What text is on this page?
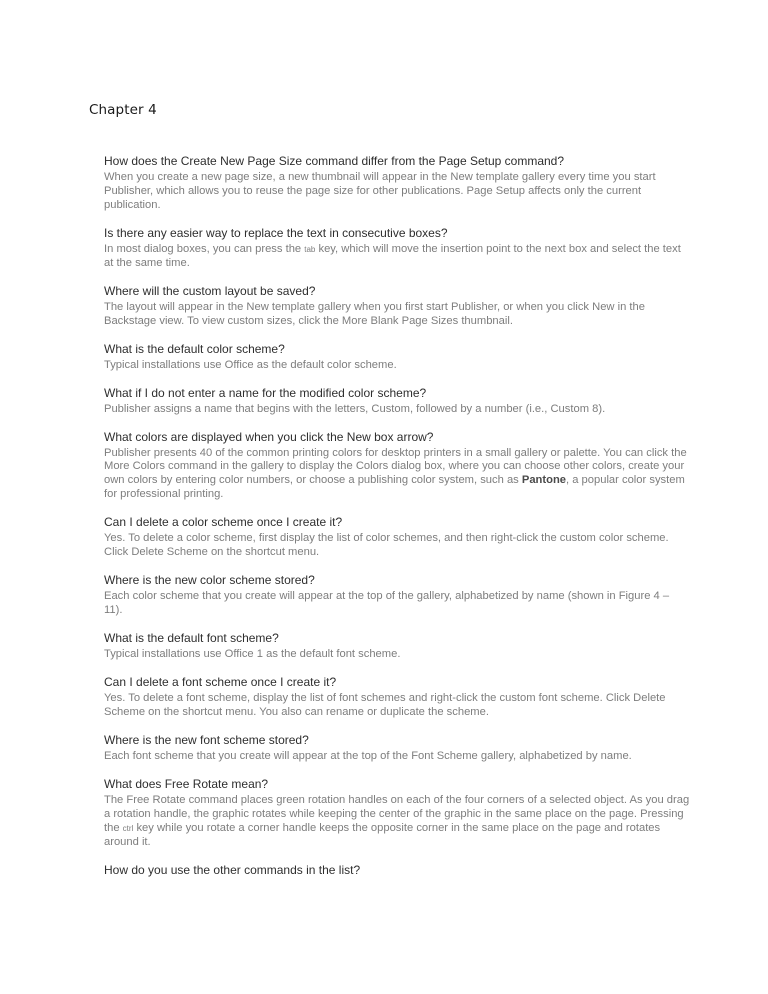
Chapter 4

How does the Create New Page Size command differ from the Page Setup command?

When you create a new page size, a new thumbnail will appear in the New template gallery every time you start Publisher, which allows you to reuse the page size for other publications. Page Setup affects only the current publication.

Is there any easier way to replace the text in consecutive boxes?

In most dialog boxes, you can press the tab key, which will move the insertion point to the next box and select the text at the same time.

Where will the custom layout be saved?

The layout will appear in the New template gallery when you first start Publisher, or when you click New in the Backstage view. To view custom sizes, click the More Blank Page Sizes thumbnail.

What is the default color scheme?

Typical installations use Office as the default color scheme.

What if I do not enter a name for the modified color scheme?

Publisher assigns a name that begins with the letters, Custom, followed by a number (i.e., Custom 8).

What colors are displayed when you click the New box arrow?

Publisher presents 40 of the common printing colors for desktop printers in a small gallery or palette. You can click the More Colors command in the gallery to display the Colors dialog box, where you can choose other colors, create your own colors by entering color numbers, or choose a publishing color system, such as Pantone, a popular color system for professional printing.

Can I delete a color scheme once I create it?

Yes. To delete a color scheme, first display the list of color schemes, and then right-click the custom color scheme. Click Delete Scheme on the shortcut menu.

Where is the new color scheme stored?

Each color scheme that you create will appear at the top of the gallery, alphabetized by name (shown in Figure 4 – 11).

What is the default font scheme?

Typical installations use Office 1 as the default font scheme.

Can I delete a font scheme once I create it?

Yes. To delete a font scheme, display the list of font schemes and right-click the custom font scheme. Click Delete Scheme on the shortcut menu. You also can rename or duplicate the scheme.

Where is the new font scheme stored?

Each font scheme that you create will appear at the top of the Font Scheme gallery, alphabetized by name.

What does Free Rotate mean?

The Free Rotate command places green rotation handles on each of the four corners of a selected object. As you drag a rotation handle, the graphic rotates while keeping the center of the graphic in the same place on the page. Pressing the ctrl key while you rotate a corner handle keeps the opposite corner in the same place on the page and rotates around it.

How do you use the other commands in the list?
